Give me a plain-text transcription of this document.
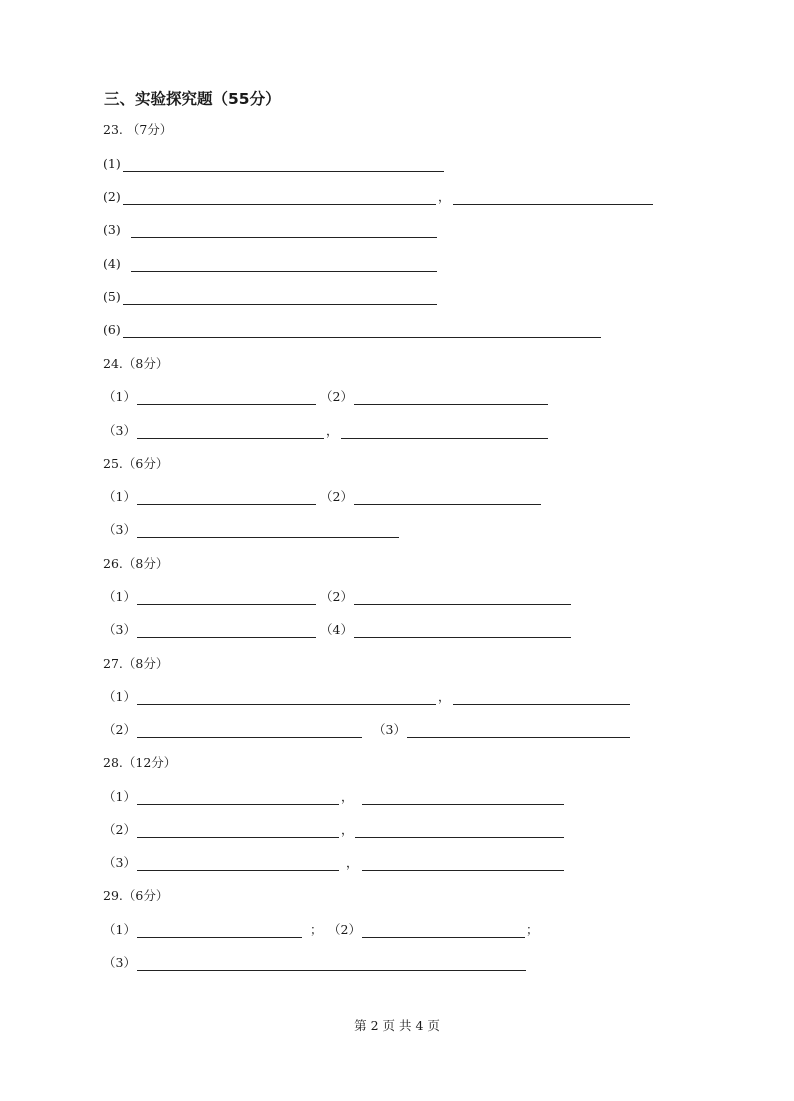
三、实验探究题（55分）
23. （7分）
(1)
(2)	，
(3)
(4)
(5)
(6)
24.（8分）
（1）	（2）
（3）	，
25.（6分）
（1）	（2）
（3）
26.（8分）
（1）	（2）
（3）	（4）
27.（8分）
（1）	，
（2）	（3）
28.（12分）
（1）	，
（2）	，
（3）	，
29.（6分）
（1）	； （2）	；
（3）
第 2 页 共 4 页
